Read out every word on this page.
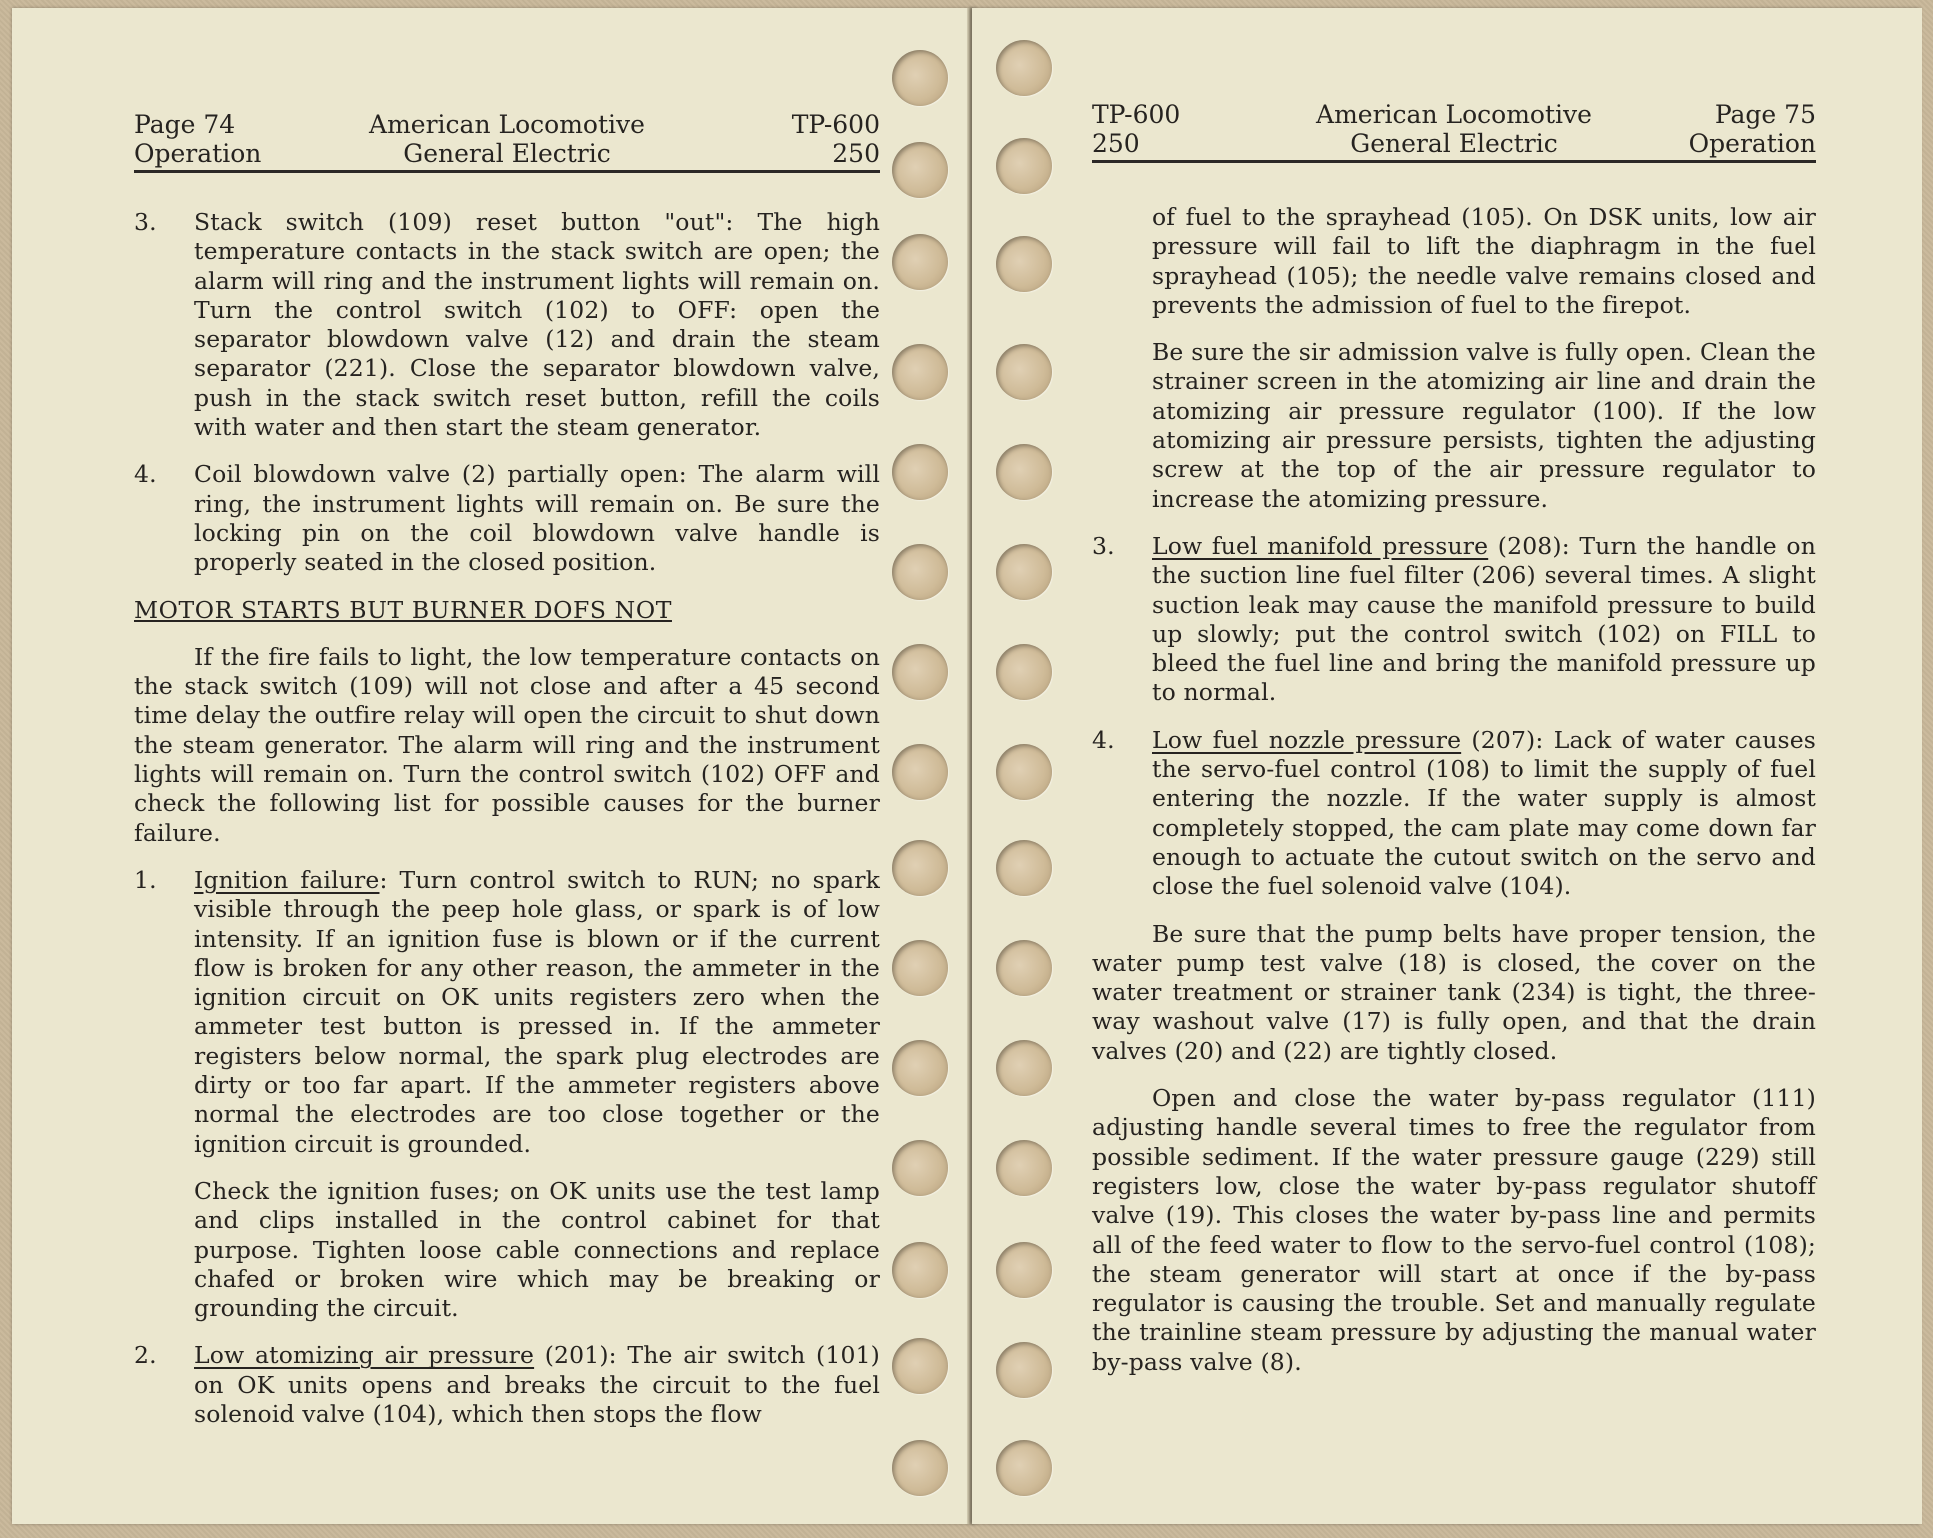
Page 74
Operation
American Locomotive
General Electric
TP-600
250
3. Stack switch (109) reset button "out": The high temperature contacts in the stack switch are open; the alarm will ring and the instrument lights will remain on. Turn the control switch (102) to OFF: open the separator blowdown valve (12) and drain the steam separator (221). Close the separator blowdown valve, push in the stack switch reset button, refill the coils with water and then start the steam generator.

4. Coil blowdown valve (2) partially open: The alarm will ring, the instrument lights will remain on. Be sure the locking pin on the coil blowdown valve handle is properly seated in the closed position.

MOTOR STARTS BUT BURNER DOFS NOT

If the fire fails to light, the low temperature contacts on the stack switch (109) will not close and after a 45 second time delay the outfire relay will open the circuit to shut down the steam generator. The alarm will ring and the instrument lights will remain on. Turn the control switch (102) OFF and check the following list for possible causes for the burner failure.

1. Ignition failure: Turn control switch to RUN; no spark visible through the peep hole glass, or spark is of low intensity. If an ignition fuse is blown or if the current flow is broken for any other reason, the ammeter in the ignition circuit on OK units registers zero when the ammeter test button is pressed in. If the ammeter registers below normal, the spark plug electrodes are dirty or too far apart. If the ammeter registers above normal the electrodes are too close together or the ignition circuit is grounded.

Check the ignition fuses; on OK units use the test lamp and clips installed in the control cabinet for that purpose. Tighten loose cable connections and replace chafed or broken wire which may be breaking or grounding the circuit.

2. Low atomizing air pressure (201): The air switch (101) on OK units opens and breaks the circuit to the fuel solenoid valve (104), which then stops the flow

TP-600
250
American Locomotive
General Electric
Page 75
Operation

of fuel to the sprayhead (105). On DSK units, low air pressure will fail to lift the diaphragm in the fuel sprayhead (105); the needle valve remains closed and prevents the admission of fuel to the firepot.

Be sure the sir admission valve is fully open. Clean the strainer screen in the atomizing air line and drain the atomizing air pressure regulator (100). If the low atomizing air pressure persists, tighten the adjusting screw at the top of the air pressure regulator to increase the atomizing pressure.

3. Low fuel manifold pressure (208): Turn the handle on the suction line fuel filter (206) several times. A slight suction leak may cause the manifold pressure to build up slowly; put the control switch (102) on FILL to bleed the fuel line and bring the manifold pressure up to normal.

4. Low fuel nozzle pressure (207): Lack of water causes the servo-fuel control (108) to limit the supply of fuel entering the nozzle. If the water supply is almost completely stopped, the cam plate may come down far enough to actuate the cutout switch on the servo and close the fuel solenoid valve (104).

Be sure that the pump belts have proper tension, the water pump test valve (18) is closed, the cover on the water treatment or strainer tank (234) is tight, the three-way washout valve (17) is fully open, and that the drain valves (20) and (22) are tightly closed.

Open and close the water by-pass regulator (111) adjusting handle several times to free the regulator from possible sediment. If the water pressure gauge (229) still registers low, close the water by-pass regulator shutoff valve (19). This closes the water by-pass line and permits all of the feed water to flow to the servo-fuel control (108); the steam generator will start at once if the by-pass regulator is causing the trouble. Set and manually regulate the trainline steam pressure by adjusting the manual water by-pass valve (8).
